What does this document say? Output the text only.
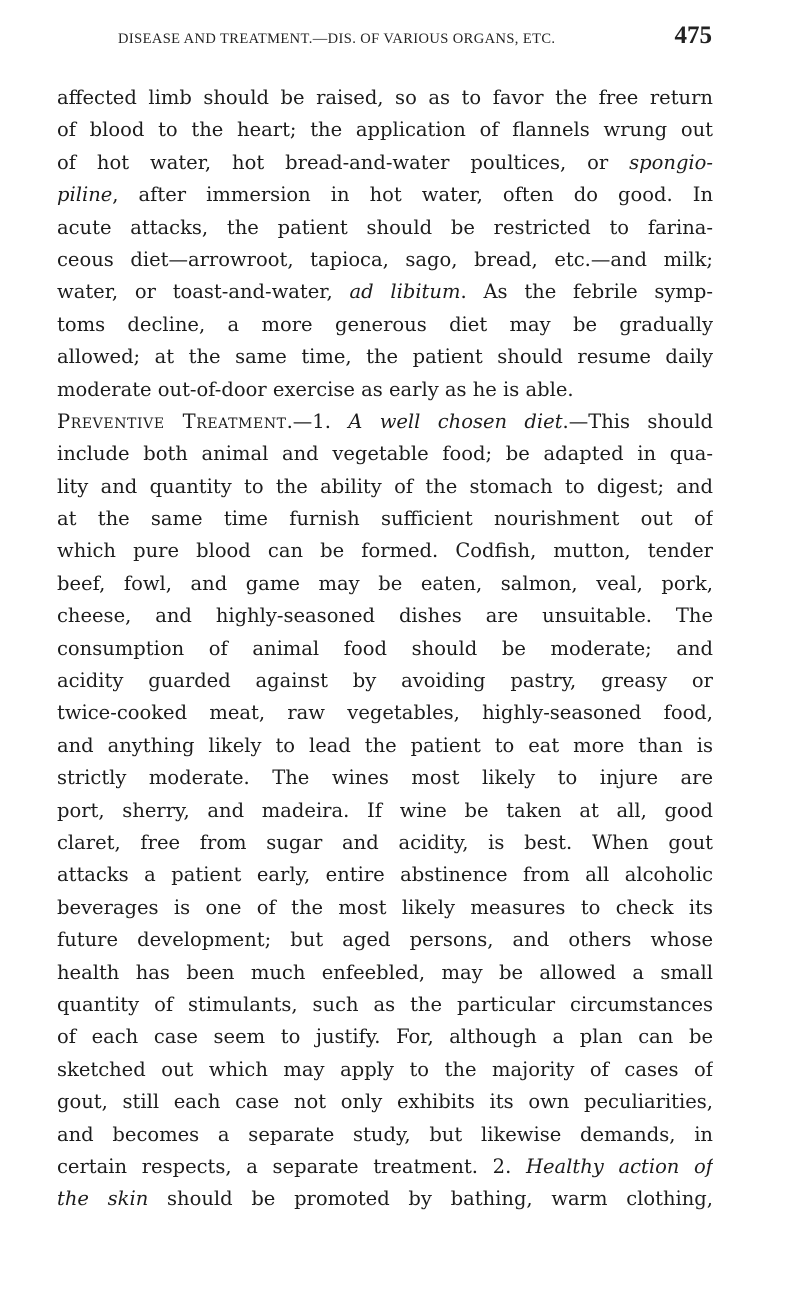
DISEASE AND TREATMENT.—DIS. OF VARIOUS ORGANS, ETC.	475
affected limb should be raised, so as to favor the free return
of blood to the heart; the application of flannels wrung out
of hot water, hot bread-and-water poultices, or spongio-
piline, after immersion in hot water, often do good. In
acute attacks, the patient should be restricted to farina-
ceous diet—arrowroot, tapioca, sago, bread, etc.—and milk;
water, or toast-and-water, ad libitum. As the febrile symp-
toms decline, a more generous diet may be gradually
allowed; at the same time, the patient should resume daily
moderate out-of-door exercise as early as he is able.
Preventive Treatment.—1. A well chosen diet.—This should
include both animal and vegetable food; be adapted in qua-
lity and quantity to the ability of the stomach to digest; and
at the same time furnish sufficient nourishment out of
which pure blood can be formed. Codfish, mutton, tender
beef, fowl, and game may be eaten, salmon, veal, pork,
cheese, and highly-seasoned dishes are unsuitable. The
consumption of animal food should be moderate; and
acidity guarded against by avoiding pastry, greasy or
twice-cooked meat, raw vegetables, highly-seasoned food,
and anything likely to lead the patient to eat more than is
strictly moderate. The wines most likely to injure are
port, sherry, and madeira. If wine be taken at all, good
claret, free from sugar and acidity, is best. When gout
attacks a patient early, entire abstinence from all alcoholic
beverages is one of the most likely measures to check its
future development; but aged persons, and others whose
health has been much enfeebled, may be allowed a small
quantity of stimulants, such as the particular circumstances
of each case seem to justify. For, although a plan can be
sketched out which may apply to the majority of cases of
gout, still each case not only exhibits its own peculiarities,
and becomes a separate study, but likewise demands, in
certain respects, a separate treatment. 2. Healthy action of
the skin should be promoted by bathing, warm clothing,
